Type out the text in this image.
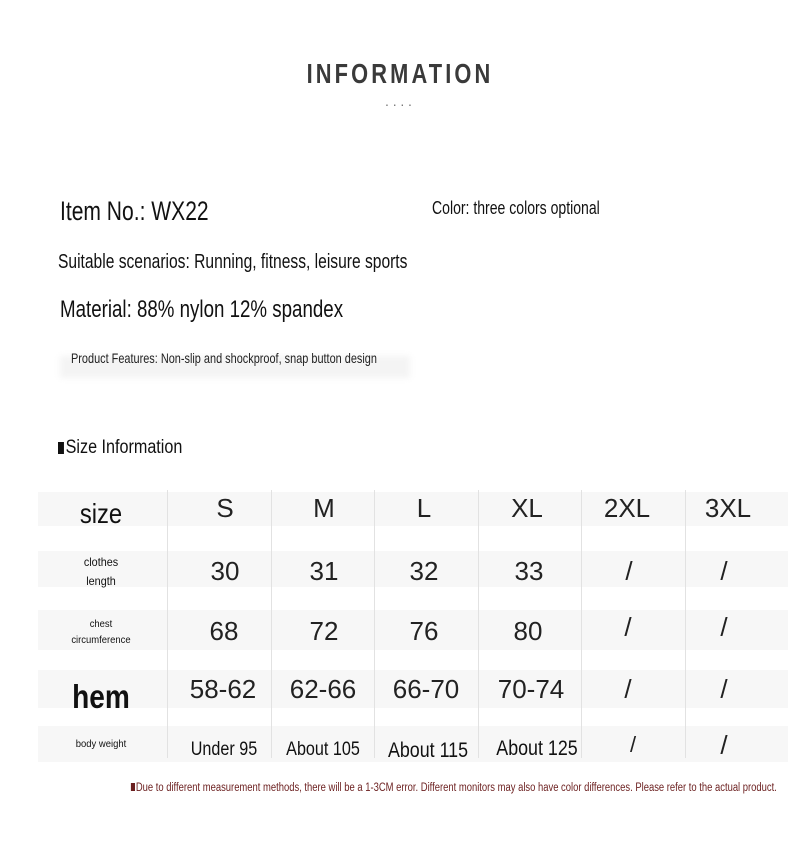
INFORMATION
····
Item No.: WX22	Color: three colors optional
Suitable scenarios: Running, fitness, leisure sports
Material: 88% nylon 12% spandex
Product Features: Non-slip and shockproof, snap button design
Size Information
size	S	M	L	XL	2XL	3XL
clothes
length	30	31	32	33	/	/
chest
circumference	68	72	76	80	/	/
hem	58-62	62-66	66-70	70-74	/	/
body weight	Under 95	About 105	About 115	About 125	/	/
Due to different measurement methods, there will be a 1-3CM error. Different monitors may also have color differences. Please refer to the actual product.
